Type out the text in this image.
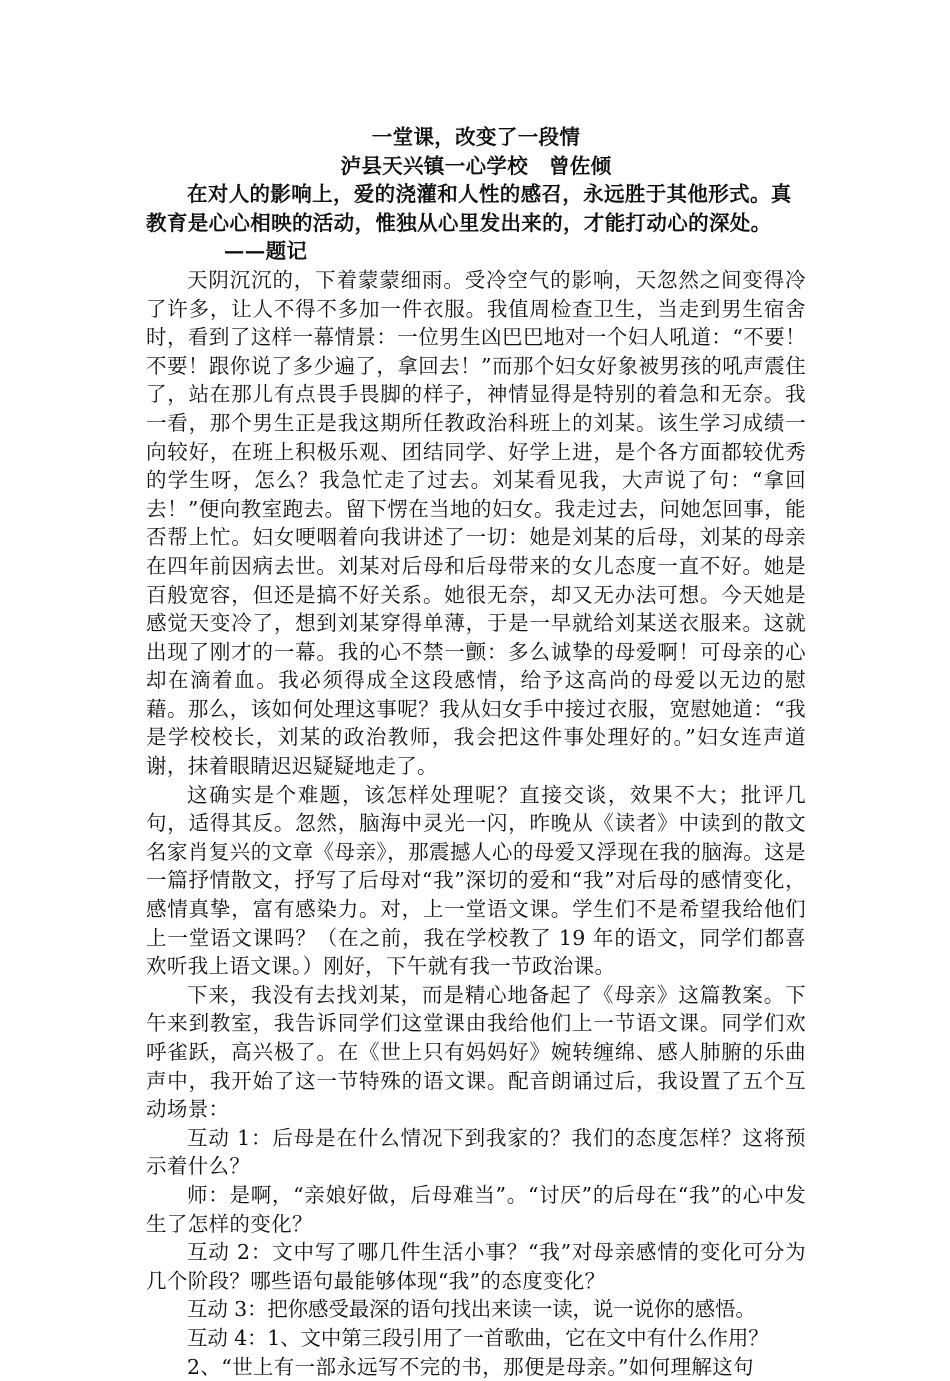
一堂课，改变了一段情

泸县天兴镇一心学校　曾佐倾

在对人的影响上，爱的浇灌和人性的感召，永远胜于其他形式。真教育是心心相映的活动，惟独从心里发出来的，才能打动心的深处。

——题记

天阴沉沉的，下着蒙蒙细雨。受冷空气的影响，天忽然之间变得冷了许多，让人不得不多加一件衣服。我值周检查卫生，当走到男生宿舍时，看到了这样一幕情景：一位男生凶巴巴地对一个妇人吼道：“不要！不要！跟你说了多少遍了，拿回去！”而那个妇女好象被男孩的吼声震住了，站在那儿有点畏手畏脚的样子，神情显得是特别的着急和无奈。我一看，那个男生正是我这期所任教政治科班上的刘某。该生学习成绩一向较好，在班上积极乐观、团结同学、好学上进，是个各方面都较优秀的学生呀，怎么？我急忙走了过去。刘某看见我，大声说了句：“拿回去！”便向教室跑去。留下愣在当地的妇女。我走过去，问她怎回事，能否帮上忙。妇女哽咽着向我讲述了一切：她是刘某的后母，刘某的母亲在四年前因病去世。刘某对后母和后母带来的女儿态度一直不好。她是百般宽容，但还是搞不好关系。她很无奈，却又无办法可想。今天她是感觉天变冷了，想到刘某穿得单薄，于是一早就给刘某送衣服来。这就出现了刚才的一幕。我的心不禁一颤：多么诚挚的母爱啊！可母亲的心却在滴着血。我必须得成全这段感情，给予这高尚的母爱以无边的慰藉。那么，该如何处理这事呢？我从妇女手中接过衣服，宽慰她道：“我是学校校长，刘某的政治教师，我会把这件事处理好的。”妇女连声道谢，抹着眼睛迟迟疑疑地走了。

这确实是个难题，该怎样处理呢？直接交谈，效果不大；批评几句，适得其反。忽然，脑海中灵光一闪，昨晚从《读者》中读到的散文名家肖复兴的文章《母亲》，那震撼人心的母爱又浮现在我的脑海。这是一篇抒情散文，抒写了后母对“我”深切的爱和“我”对后母的感情变化，感情真挚，富有感染力。对，上一堂语文课。学生们不是希望我给他们上一堂语文课吗？（在之前，我在学校教了 19 年的语文，同学们都喜欢听我上语文课。）刚好，下午就有我一节政治课。

下来，我没有去找刘某，而是精心地备起了《母亲》这篇教案。下午来到教室，我告诉同学们这堂课由我给他们上一节语文课。同学们欢呼雀跃，高兴极了。在《世上只有妈妈好》婉转缠绵、感人肺腑的乐曲声中，我开始了这一节特殊的语文课。配音朗诵过后，我设置了五个互动场景：

互动 1：后母是在什么情况下到我家的？我们的态度怎样？这将预示着什么？

师：是啊，“亲娘好做，后母难当”。“讨厌”的后母在“我”的心中发生了怎样的变化？

互动 2：文中写了哪几件生活小事？“我”对母亲感情的变化可分为几个阶段？哪些语句最能够体现“我”的态度变化？

互动 3：把你感受最深的语句找出来读一读，说一说你的感悟。

互动 4：1、文中第三段引用了一首歌曲，它在文中有什么作用？

2、“世上有一部永远写不完的书，那便是母亲。”如何理解这句
